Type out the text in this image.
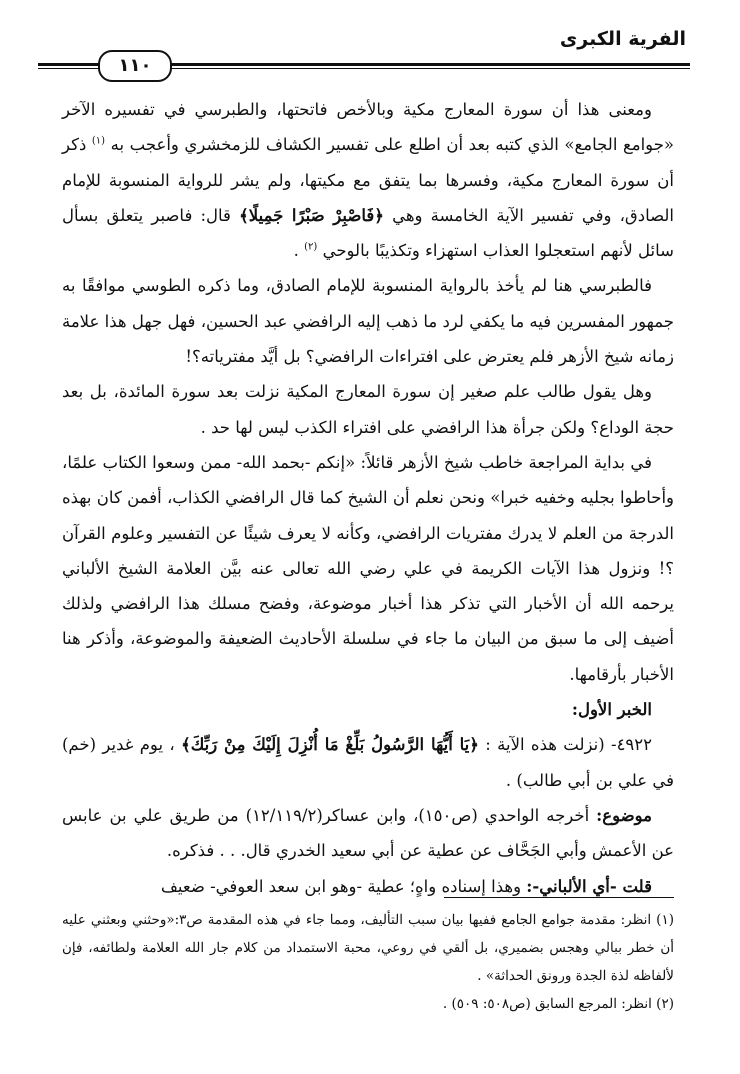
الفرية الكبرى
١١٠

ومعنى هذا أن سورة المعارج مكية وبالأخص فاتحتها، والطبرسي في تفسيره الآخر «جوامع الجامع» الذي كتبه بعد أن اطلع على تفسير الكشاف للزمخشري وأعجب به $^{(١)}$ ذكر أن سورة المعارج مكية، وفسرها بما يتفق مع مكيتها، ولم يشر للرواية المنسوبة للإمام الصادق، وفي تفسير الآية الخامسة وهي ﴿فَاصْبِرْ صَبْرًا جَمِيلًا﴾ قال: فاصبر يتعلق بسأل سائل لأنهم استعجلوا العذاب استهزاء وتكذيبًا بالوحي $^{(٢)}$ .

فالطبرسي هنا لم يأخذ بالرواية المنسوبة للإمام الصادق، وما ذكره الطوسي موافقًا به جمهور المفسرين فيه ما يكفي لرد ما ذهب إليه الرافضي عبد الحسين، فهل جهل هذا علامة زمانه شيخ الأزهر فلم يعترض على افتراءات الرافضي؟ بل أيَّد مفترياته؟!

وهل يقول طالب علم صغير إن سورة المعارج المكية نزلت بعد سورة المائدة، بل بعد حجة الوداع؟ ولكن جرأة هذا الرافضي على افتراء الكذب ليس لها حد .

في بداية المراجعة خاطب شيخ الأزهر قائلاً: «إنكم -بحمد الله- ممن وسعوا الكتاب علمًا، وأحاطوا بجليه وخفيه خبرا» ونحن نعلم أن الشيخ كما قال الرافضي الكذاب، أفمن كان بهذه الدرجة من العلم لا يدرك مفتريات الرافضي، وكأنه لا يعرف شيئًا عن التفسير وعلوم القرآن ؟! ونزول هذا الآيات الكريمة في علي رضي الله تعالى عنه بيَّن العلامة الشيخ الألباني يرحمه الله أن الأخبار التي تذكر هذا أخبار موضوعة، وفضح مسلك هذا الرافضي ولذلك أضيف إلى ما سبق من البيان ما جاء في سلسلة الأحاديث الضعيفة والموضوعة، وأذكر هنا الأخبار بأرقامها.

الخبر الأول:

٤٩٢٢- (نزلت هذه الآية : ﴿يَا أَيُّهَا الرَّسُولُ بَلِّغْ مَا أُنْزِلَ إِلَيْكَ مِنْ رَبِّكَ﴾ ، يوم غدير (خم) في علي بن أبي طالب) .

موضوع: أخرجه الواحدي (ص١٥٠)، وابن عساكر(١٢/١١٩/٢) من طريق علي بن عابس عن الأعمش وأبي الجَحَّاف عن عطية عن أبي سعيد الخدري قال. . . فذكره.

قلت -أي الألباني-: وهذا إسناده واهٍ؛ عطية -وهو ابن سعد العوفي- ضعيف

(١) انظر: مقدمة جوامع الجامع ففيها بيان سبب التأليف، ومما جاء في هذه المقدمة ص٣:«وحثني وبعثني عليه أن خطر ببالي وهجس بضميري، بل ألقي في روعي، محبة الاستمداد من كلام جار الله العلامة ولطائفه، فإن لألفاظه لذة الجدة ورونق الحداثة» .

(٢) انظر: المرجع السابق (ص٥٠٨: ٥٠٩) .
